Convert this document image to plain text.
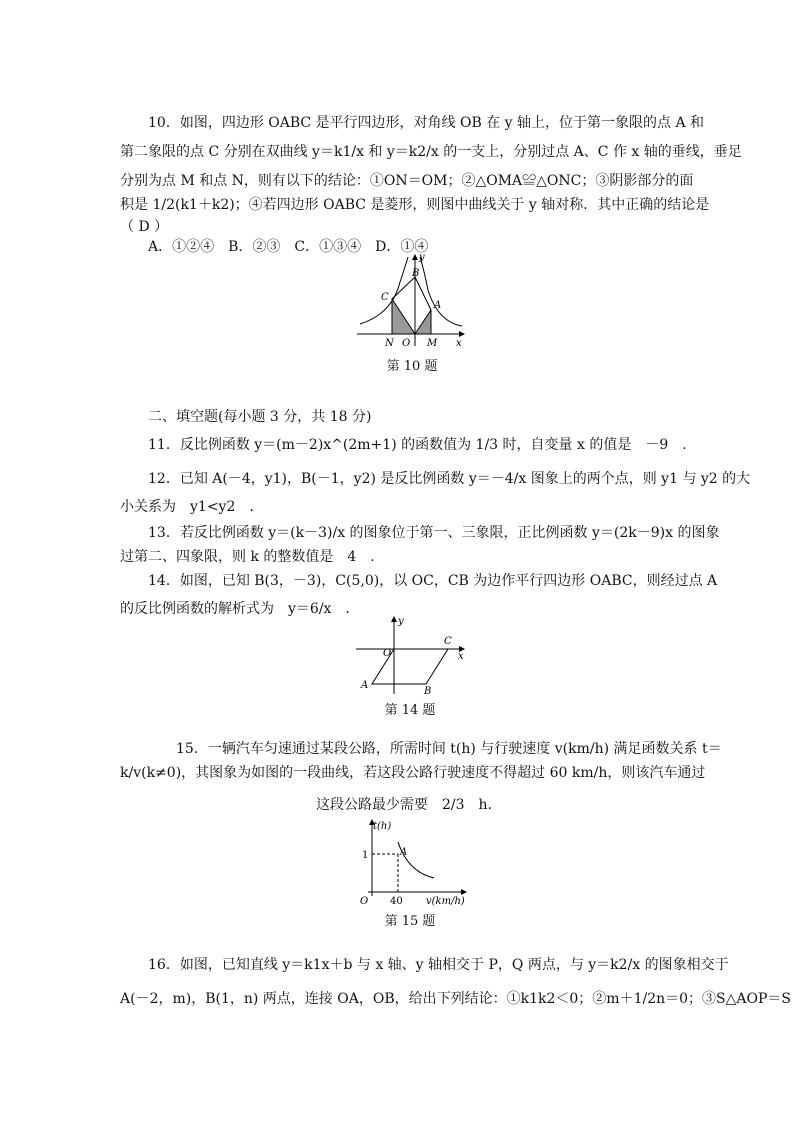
10．如图，四边形 OABC 是平行四边形，对角线 OB 在 y 轴上，位于第一象限的点 A 和
第二象限的点 C 分别在双曲线 y＝k1/x 和 y＝k2/x 的一支上，分别过点 A、C 作 x 轴的垂线，垂足
分别为点 M 和点 N，则有以下的结论：①ON＝OM；②△OMA≌△ONC；③阴影部分的面
积是 1/2(k1＋k2)；④若四边形 OABC 是菱形，则图中曲线关于 y 轴对称．其中正确的结论是
（ D ）
A．①②④　B．②③　C．①③④　D．①④
y
x
B
C
A
N O M
第 10 题
二、填空题(每小题 3 分，共 18 分)
11．反比例函数 y＝(m－2)x^(2m+1) 的函数值为 1/3 时，自变量 x 的值是　－9　.
12．已知 A(－4，y1)，B(－1，y2) 是反比例函数 y＝－4/x 图象上的两个点，则 y1 与 y2 的大
小关系为　y1<y2　.
13．若反比例函数 y＝(k－3)/x 的图象位于第一、三象限，正比例函数 y＝(2k－9)x 的图象
过第二、四象限，则 k 的整数值是　4　.
14．如图，已知 B(3，－3)，C(5,0)，以 OC，CB 为边作平行四边形 OABC，则经过点 A
的反比例函数的解析式为　y＝6/x　.
y
x
O
C
A
B
第 14 题
15．一辆汽车匀速通过某段公路，所需时间 t(h) 与行驶速度 v(km/h) 满足函数关系 t＝
k/v(k≠0)，其图象为如图的一段曲线，若这段公路行驶速度不得超过 60 km/h，则该汽车通过
这段公路最少需要　2/3　h.
t(h)
v(km/h)
1
40
O
A
第 15 题
16．如图，已知直线 y＝k1x＋b 与 x 轴、y 轴相交于 P，Q 两点，与 y＝k2/x 的图象相交于
A(－2，m)，B(1，n) 两点，连接 OA，OB，给出下列结论：①k1k2＜0；②m＋1/2n＝0；③S△AOP＝S
